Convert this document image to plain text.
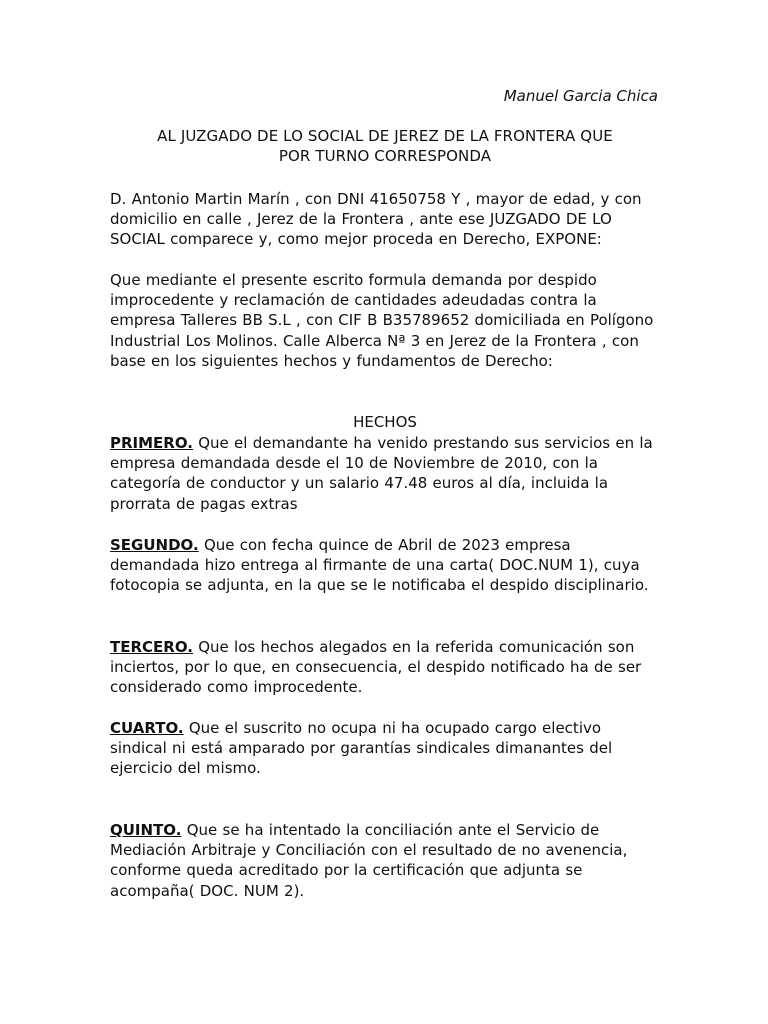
Manuel Garcia Chica
AL JUZGADO DE LO SOCIAL DE JEREZ DE LA FRONTERA QUE
POR TURNO CORRESPONDA

D. Antonio Martin Marín , con DNI 41650758 Y , mayor de edad, y con domicilio en calle , Jerez de la Frontera , ante ese JUZGADO DE LO SOCIAL comparece y, como mejor proceda en Derecho, EXPONE:

Que mediante el presente escrito formula demanda por despido improcedente y reclamación de cantidades adeudadas contra la empresa Talleres BB S.L , con CIF B B35789652 domiciliada en Polígono Industrial Los Molinos. Calle Alberca Nª 3 en Jerez de la Frontera , con base en los siguientes hechos y fundamentos de Derecho:

HECHOS

PRIMERO. Que el demandante ha venido prestando sus servicios en la empresa demandada desde el 10 de Noviembre de 2010, con la categoría de conductor y un salario 47.48 euros al día, incluida la prorrata de pagas extras

SEGUNDO. Que con fecha quince de Abril de 2023 empresa demandada hizo entrega al firmante de una carta( DOC.NUM 1), cuya fotocopia se adjunta, en la que se le notificaba el despido disciplinario.

TERCERO. Que los hechos alegados en la referida comunicación son inciertos, por lo que, en consecuencia, el despido notificado ha de ser considerado como improcedente.

CUARTO. Que el suscrito no ocupa ni ha ocupado cargo electivo sindical ni está amparado por garantías sindicales dimanantes del ejercicio del mismo.

QUINTO. Que se ha intentado la conciliación ante el Servicio de Mediación Arbitraje y Conciliación con el resultado de no avenencia, conforme queda acreditado por la certificación que adjunta se acompaña( DOC. NUM 2).
